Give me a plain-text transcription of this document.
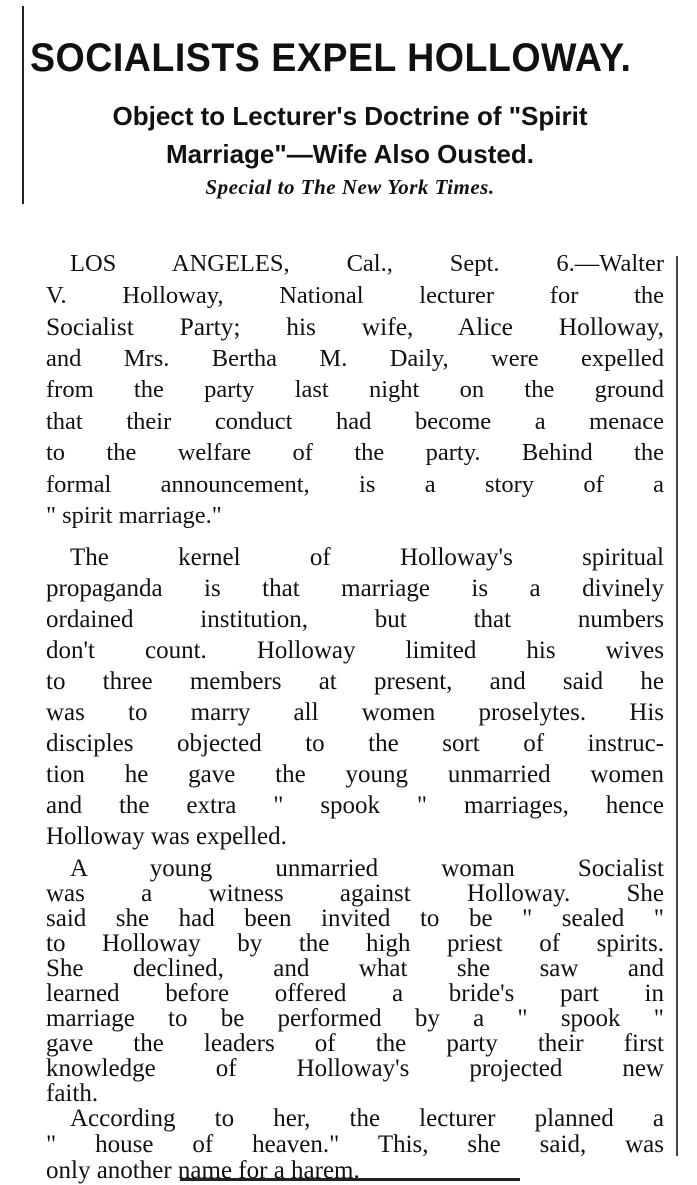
SOCIALISTS EXPEL HOLLOWAY.
Object to Lecturer's Doctrine of "Spirit
Marriage"—Wife Also Ousted.
Special to The New York Times.
LOS ANGELES, Cal., Sept. 6.—Walter
V. Holloway, National lecturer for the
Socialist Party; his wife, Alice Holloway,
and Mrs. Bertha M. Daily, were expelled
from the party last night on the ground
that their conduct had become a menace
to the welfare of the party. Behind the
formal announcement, is a story of a
" spirit marriage."
The kernel of Holloway's spiritual
propaganda is that marriage is a divinely
ordained institution, but that numbers
don't count. Holloway limited his wives
to three members at present, and said he
was to marry all women proselytes. His
disciples objected to the sort of instruc-
tion he gave the young unmarried women
and the extra " spook " marriages, hence
Holloway was expelled.
A young unmarried woman Socialist
was a witness against Holloway. She
said she had been invited to be " sealed "
to Holloway by the high priest of spirits.
She declined, and what she saw and
learned before offered a bride's part in
marriage to be performed by a " spook "
gave the leaders of the party their first
knowledge of Holloway's projected new
faith.
According to her, the lecturer planned a
" house of heaven." This, she said, was
only another name for a harem.
